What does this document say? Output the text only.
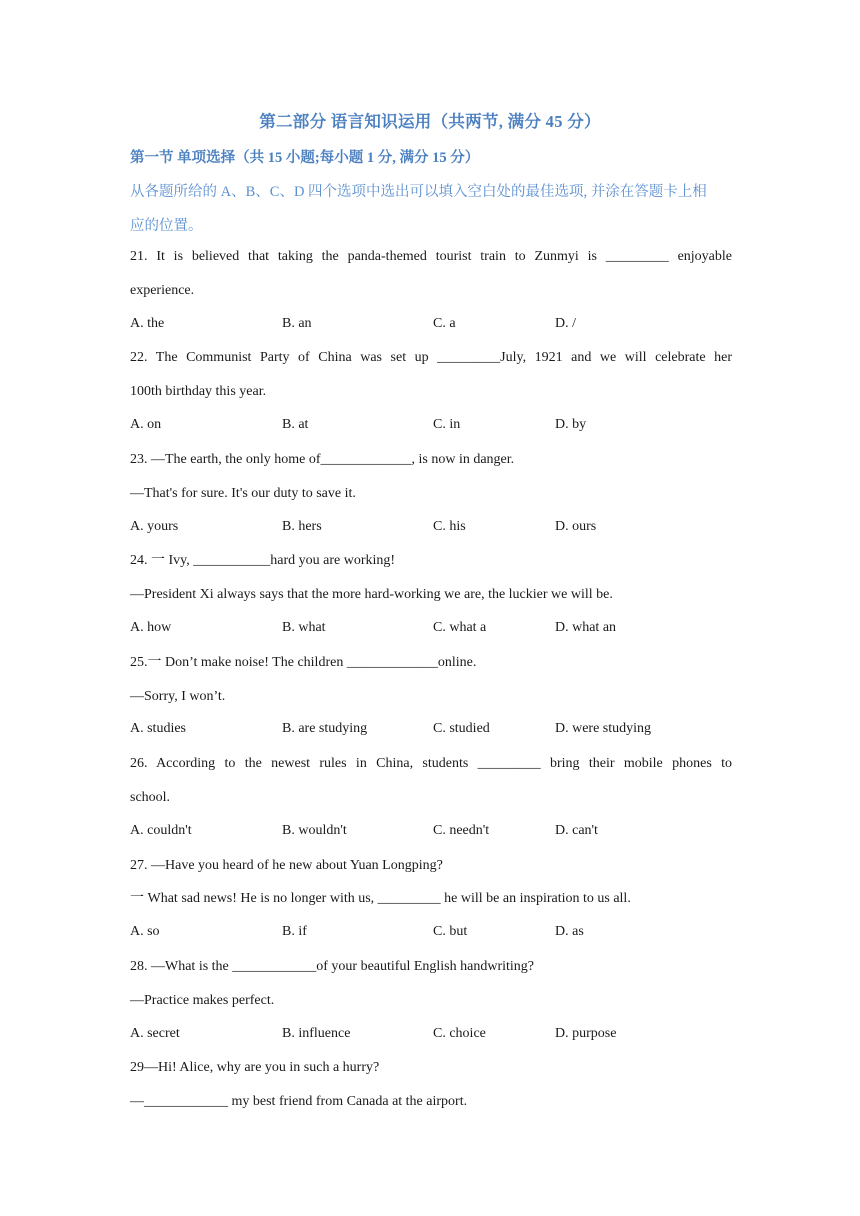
第二部分 语言知识运用（共两节, 满分 45 分）
第一节 单项选择（共 15 小题;每小题 1 分, 满分 15 分）
从各题所给的 A、B、C、D 四个选项中选出可以填入空白处的最佳选项, 并涂在答题卡上相
应的位置。
21. It is believed that taking the panda-themed tourist train to Zunmyi is _________ enjoyable
experience.
A. the	B. an	C. a	D. /
22. The Communist Party of China was set up _________July, 1921 and we will celebrate her
100th birthday this year.
A. on	B. at	C. in	D. by
23. —The earth, the only home of_____________, is now in danger.
—That's for sure. It's our duty to save it.
A. yours	B. hers	C. his	D. ours
24. 一 Ivy, ___________hard you are working!
—President Xi always says that the more hard-working we are, the luckier we will be.
A. how	B. what	C. what a	D. what an
25.一 Don’t make noise! The children _____________online.
—Sorry, I won’t.
A. studies	B. are studying	C. studied	D. were studying
26. According to the newest rules in China, students _________ bring their mobile phones to
school.
A. couldn't	B. wouldn't	C. needn't	D. can't
27. —Have you heard of he new about Yuan Longping?
一 What sad news! He is no longer with us, _________ he will be an inspiration to us all.
A. so	B. if	C. but	D. as
28. —What is the ____________of your beautiful English handwriting?
—Practice makes perfect.
A. secret	B. influence	C. choice	D. purpose
29—Hi! Alice, why are you in such a hurry?
—____________ my best friend from Canada at the airport.
